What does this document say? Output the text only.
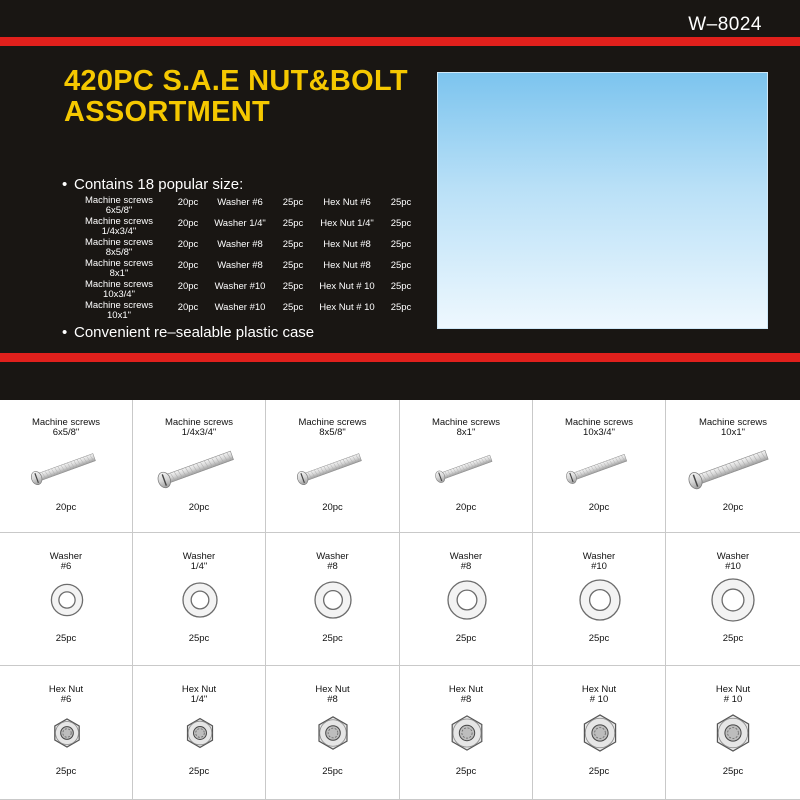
W–8024
420PC S.A.E NUT&BOLT
ASSORTMENT
• Contains 18 popular size:
Machine screws
6x5/8"
20pc	Washer #6	25pc	Hex Nut #6	25pc
Machine screws
1/4x3/4"
20pc	Washer 1/4"	25pc	Hex Nut 1/4"	25pc
Machine screws
8x5/8"
20pc	Washer #8	25pc	Hex Nut #8	25pc
Machine screws
8x1"
20pc	Washer #8	25pc	Hex Nut #8	25pc
Machine screws
10x3/4"
20pc	Washer #10	25pc	Hex Nut # 10	25pc
Machine screws
10x1"
20pc	Washer #10	25pc	Hex Nut # 10	25pc
• Convenient re–sealable plastic case
Machine screws
6x5/8"
20pc
Machine screws
1/4x3/4"
20pc
Machine screws
8x5/8"
20pc
Machine screws
8x1"
20pc
Machine screws
10x3/4"
20pc
Machine screws
10x1"
20pc
Washer
#6
25pc
Washer
1/4"
25pc
Washer
#8
25pc
Washer
#8
25pc
Washer
#10
25pc
Washer
#10
25pc
Hex Nut
#6
25pc
Hex Nut
1/4"
25pc
Hex Nut
#8
25pc
Hex Nut
#8
25pc
Hex Nut
# 10
25pc
Hex Nut
# 10
25pc
